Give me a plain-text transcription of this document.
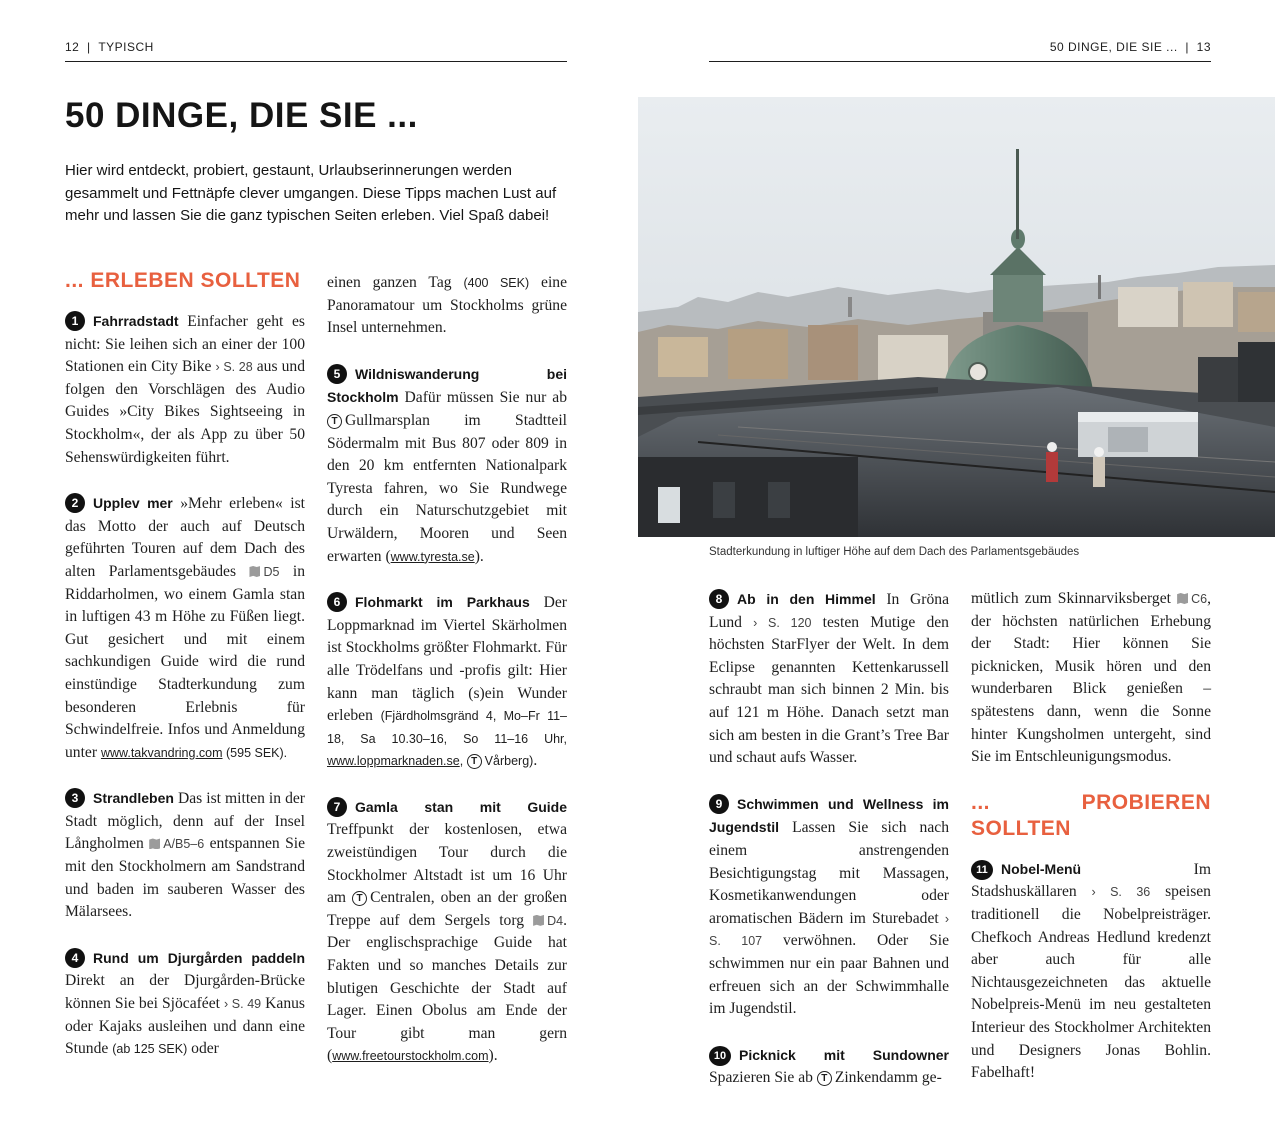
12  |  TYPISCH	50 DINGE, DIE SIE ...  |  13
50 DINGE, DIE SIE ...

Hier wird entdeckt, probiert, gestaunt, Urlaubserinnerungen werden gesammelt und Fettnäpfe clever umgangen. Diese Tipps machen Lust auf mehr und lassen Sie die ganz typischen Seiten erleben. Viel Spaß dabei!

... ERLEBEN SOLLTEN

1 Fahrradstadt Einfacher geht es nicht: Sie leihen sich an einer der 100 Stationen ein City Bike › S. 28 aus und folgen den Vorschlägen des Audio Guides »City Bikes Sightseeing in Stockholm«, der als App zu über 50 Sehenswürdigkeiten führt.

2 Upplev mer »Mehr erleben« ist das Motto der auch auf Deutsch geführten Touren auf dem Dach des alten Parlamentsgebäudes D5 in Riddarholmen, wo einem Gamla stan in luftigen 43 m Höhe zu Füßen liegt. Gut gesichert und mit einem sachkundigen Guide wird die rund einstündige Stadterkundung zum besonderen Erlebnis für Schwindelfreie. Infos und Anmeldung unter www.takvandring.com (595 SEK).

3 Strandleben Das ist mitten in der Stadt möglich, denn auf der Insel Långholmen A/B5–6 entspannen Sie mit den Stockholmern am Sandstrand und baden im sauberen Wasser des Mälarsees.

4 Rund um Djurgården paddeln Direkt an der Djurgården-Brücke können Sie bei Sjöcaféet › S. 49 Kanus oder Kajaks ausleihen und dann eine Stunde (ab 125 SEK) oder

einen ganzen Tag (400 SEK) eine Panoramatour um Stockholms grüne Insel unternehmen.

5 Wildniswanderung bei Stockholm Dafür müssen Sie nur ab T Gullmarsplan im Stadtteil Södermalm mit Bus 807 oder 809 in den 20 km entfernten Nationalpark Tyresta fahren, wo Sie Rundwege durch ein Naturschutzgebiet mit Urwäldern, Mooren und Seen erwarten (www.tyresta.se).

6 Flohmarkt im Parkhaus Der Loppmarknad im Viertel Skärholmen ist Stockholms größter Flohmarkt. Für alle Trödelfans und -profis gilt: Hier kann man täglich (s)ein Wunder erleben (Fjärdholmsgränd 4, Mo–Fr 11–18, Sa 10.30–16, So 11–16 Uhr, www.loppmarknaden.se, T Vårberg).

7 Gamla stan mit Guide Treffpunkt der kostenlosen, etwa zweistündigen Tour durch die Stockholmer Altstadt ist um 16 Uhr am T Centralen, oben an der großen Treppe auf dem Sergels torg D4. Der englischsprachige Guide hat Fakten und so manches Details zur blutigen Geschichte der Stadt auf Lager. Einen Obolus am Ende der Tour gibt man gern (www.freetourstockholm.com).

Stadterkundung in luftiger Höhe auf dem Dach des Parlamentsgebäudes

8 Ab in den Himmel In Gröna Lund › S. 120 testen Mutige den höchsten StarFlyer der Welt. In dem Eclipse genannten Kettenkarussell schraubt man sich binnen 2 Min. bis auf 121 m Höhe. Danach setzt man sich am besten in die Grant’s Tree Bar und schaut aufs Wasser.

9 Schwimmen und Wellness im Jugendstil Lassen Sie sich nach einem anstrengenden Besichtigungstag mit Massagen, Kosmetikanwendungen oder aromatischen Bädern im Sturebadet › S. 107 verwöhnen. Oder Sie schwimmen nur ein paar Bahnen und erfreuen sich an der Schwimmhalle im Jugendstil.

10 Picknick mit Sundowner Spazieren Sie ab T Zinkendamm ge-

mütlich zum Skinnarviksberget C6, der höchsten natürlichen Erhebung der Stadt: Hier können Sie picknicken, Musik hören und den wunderbaren Blick genießen – spätestens dann, wenn die Sonne hinter Kungsholmen untergeht, sind Sie im Entschleunigungsmodus.

... PROBIEREN SOLLTEN

11 Nobel-Menü Im Stadshuskällaren › S. 36 speisen traditionell die Nobelpreisträger. Chefkoch Andreas Hedlund kredenzt aber auch für alle Nichtausgezeichneten das aktuelle Nobelpreis-Menü im neu gestalteten Interieur des Stockholmer Architekten und Designers Jonas Bohlin. Fabelhaft!
